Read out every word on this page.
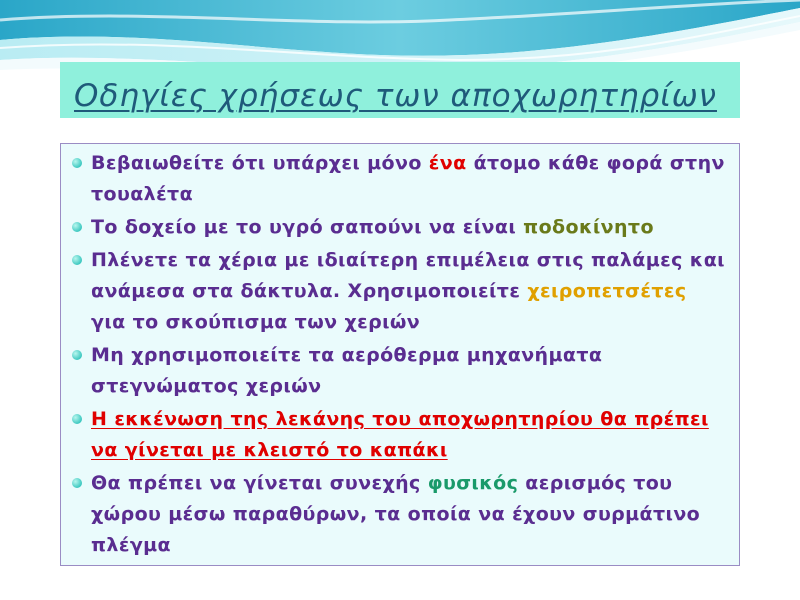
Οδηγίες χρήσεως των αποχωρητηρίων
Βεβαιωθείτε ότι υπάρχει μόνο ένα άτομο κάθε φορά στην τουαλέτα
Το δοχείο με το υγρό σαπούνι να είναι ποδοκίνητο
Πλένετε τα χέρια με ιδιαίτερη επιμέλεια στις παλάμες και ανάμεσα στα δάκτυλα. Χρησιμοποιείτε χειροπετσέτες για το σκούπισμα των χεριών
Μη χρησιμοποιείτε τα αερόθερμα μηχανήματα στεγνώματος χεριών
Η εκκένωση της λεκάνης του αποχωρητηρίου θα πρέπει να γίνεται με κλειστό το καπάκι
Θα πρέπει να γίνεται συνεχής φυσικός αερισμός του χώρου μέσω παραθύρων, τα οποία να έχουν συρμάτινο πλέγμα
